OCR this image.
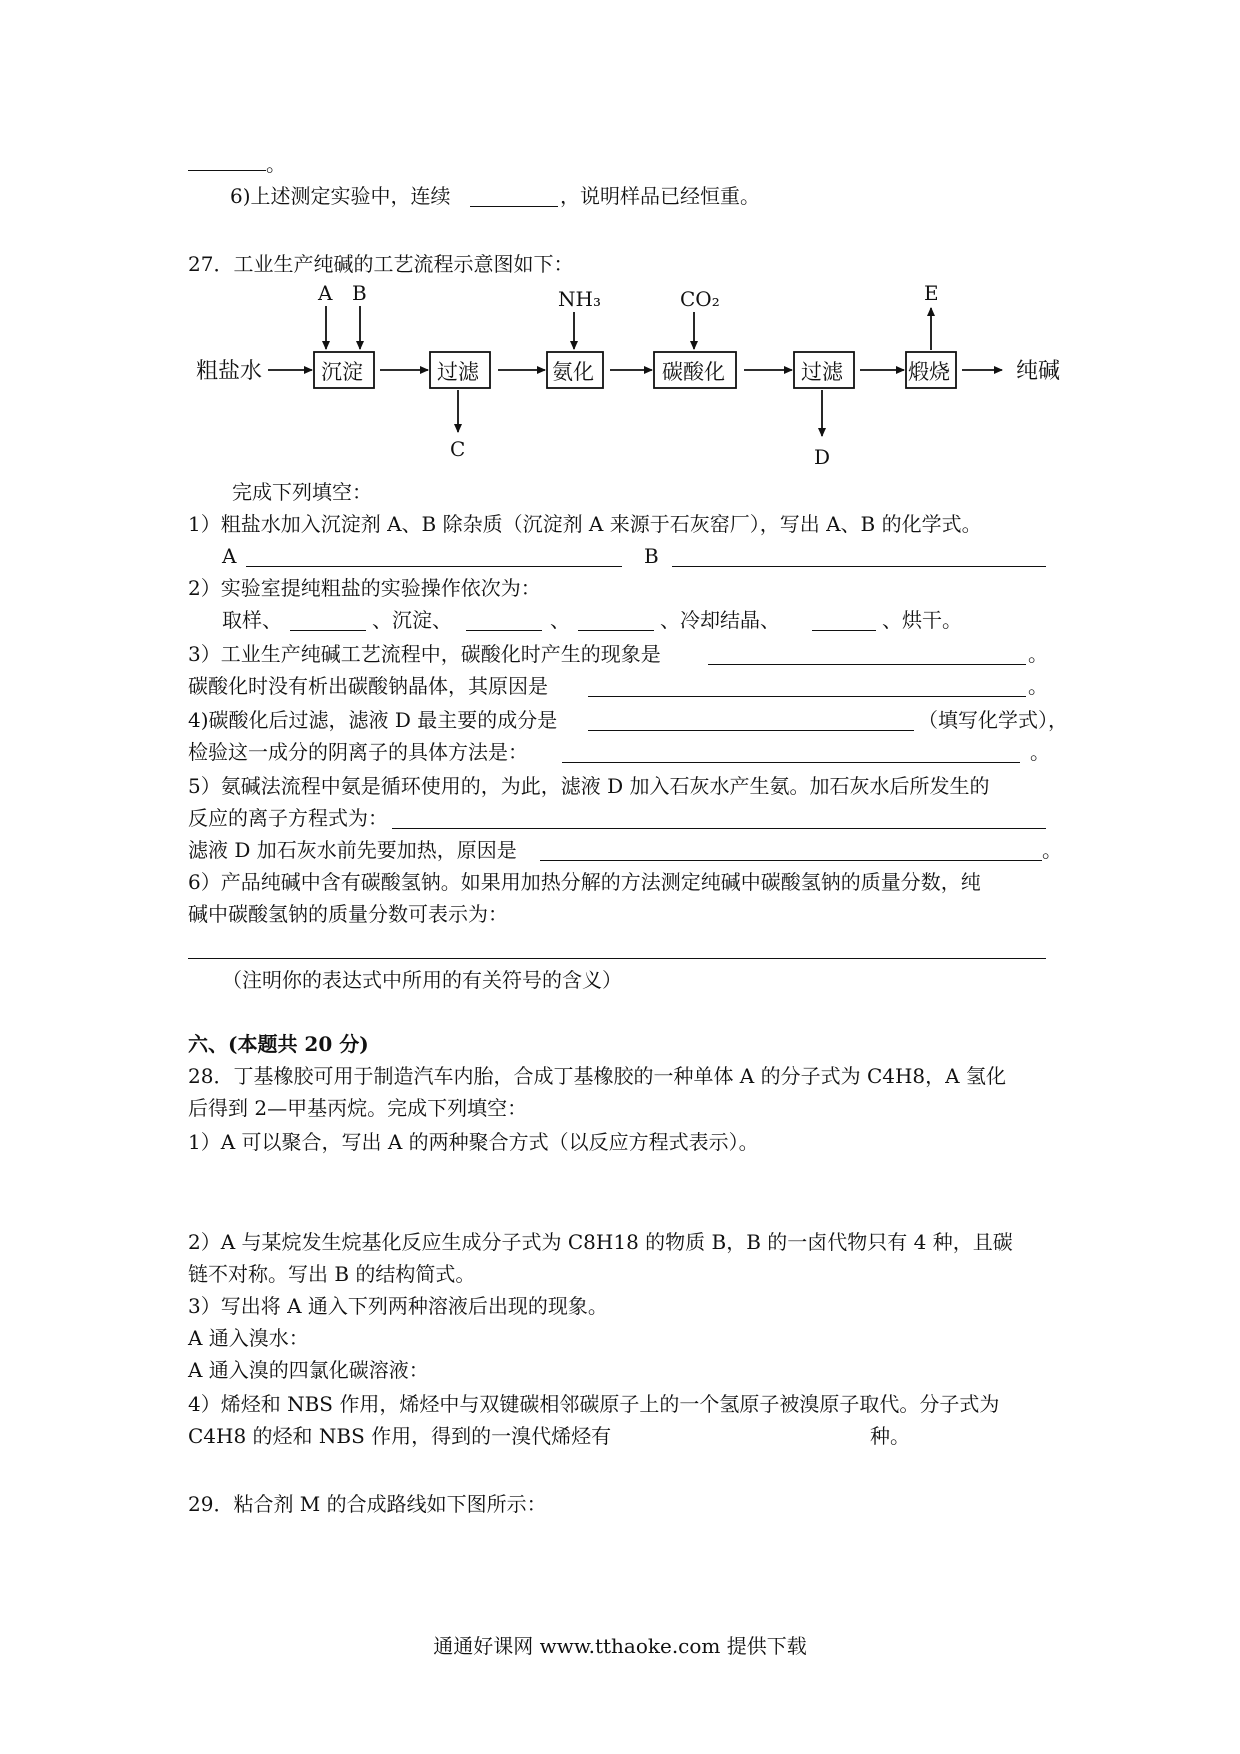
。
6)上述测定实验中，连续	，说明样品已经恒重。
27．工业生产纯碱的工艺流程示意图如下：
粗盐水	纯碱
沉淀	过滤	氨化	碳酸化	过滤	煅烧
A B	NH₃	CO₂
C	D
E
完成下列填空：
1）粗盐水加入沉淀剂 A、B 除杂质（沉淀剂 A 来源于石灰窑厂），写出 A、B 的化学式。
A	B
2）实验室提纯粗盐的实验操作依次为：
取样、	、沉淀、	、	、冷却结晶、	、烘干。
3）工业生产纯碱工艺流程中，碳酸化时产生的现象是	。
碳酸化时没有析出碳酸钠晶体，其原因是	。
4)碳酸化后过滤，滤液 D 最主要的成分是	（填写化学式），
检验这一成分的阴离子的具体方法是：	。
5）氨碱法流程中氨是循环使用的，为此，滤液 D 加入石灰水产生氨。加石灰水后所发生的
反应的离子方程式为：
滤液 D 加石灰水前先要加热，原因是	。
6）产品纯碱中含有碳酸氢钠。如果用加热分解的方法测定纯碱中碳酸氢钠的质量分数，纯
碱中碳酸氢钠的质量分数可表示为：
（注明你的表达式中所用的有关符号的含义）
六、(本题共 20 分)
28．丁基橡胶可用于制造汽车内胎，合成丁基橡胶的一种单体 A 的分子式为 C4H8，A 氢化
后得到 2—甲基丙烷。完成下列填空：
1）A 可以聚合，写出 A 的两种聚合方式（以反应方程式表示）。
2）A 与某烷发生烷基化反应生成分子式为 C8H18 的物质 B，B 的一卤代物只有 4 种，且碳
链不对称。写出 B 的结构简式。
3）写出将 A 通入下列两种溶液后出现的现象。
A 通入溴水：
A 通入溴的四氯化碳溶液：
4）烯烃和 NBS 作用，烯烃中与双键碳相邻碳原子上的一个氢原子被溴原子取代。分子式为
C4H8 的烃和 NBS 作用，得到的一溴代烯烃有	种。
29．粘合剂 M 的合成路线如下图所示：
通通好课网 www.tthaoke.com 提供下载
